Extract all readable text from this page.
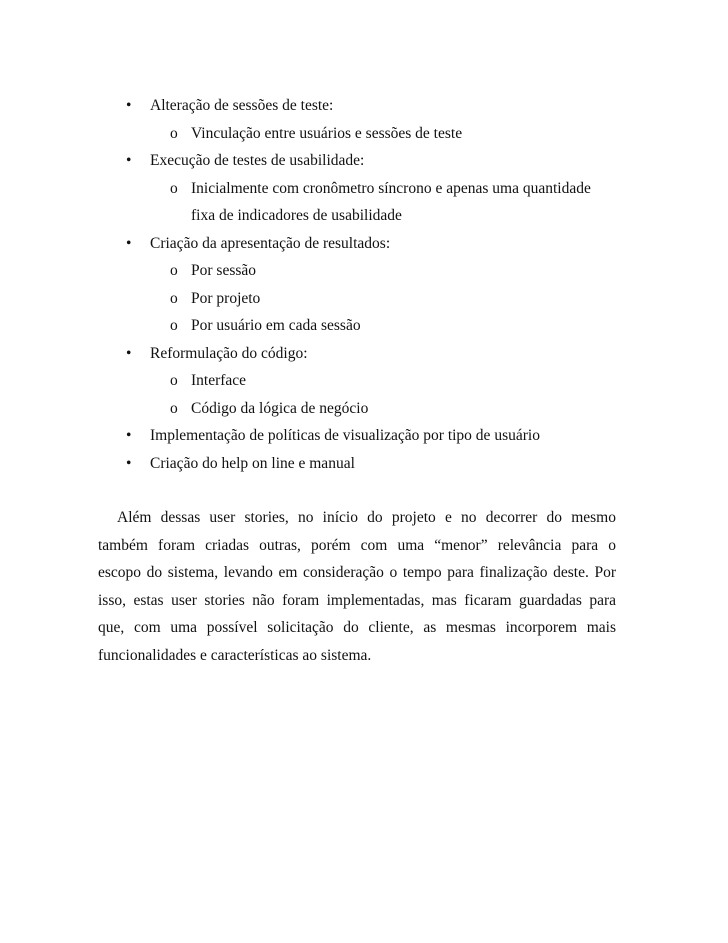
• Alteração de sessões de teste:
o Vinculação entre usuários e sessões de teste
• Execução de testes de usabilidade:
o Inicialmente com cronômetro síncrono e apenas uma quantidade
fixa de indicadores de usabilidade
• Criação da apresentação de resultados:
o Por sessão
o Por projeto
o Por usuário em cada sessão
• Reformulação do código:
o Interface
o Código da lógica de negócio
• Implementação de políticas de visualização por tipo de usuário
• Criação do help on line e manual
Além dessas user stories, no início do projeto e no decorrer do mesmo
também foram criadas outras, porém com uma “menor” relevância para o
escopo do sistema, levando em consideração o tempo para finalização deste. Por
isso, estas user stories não foram implementadas, mas ficaram guardadas para
que, com uma possível solicitação do cliente, as mesmas incorporem mais
funcionalidades e características ao sistema.
